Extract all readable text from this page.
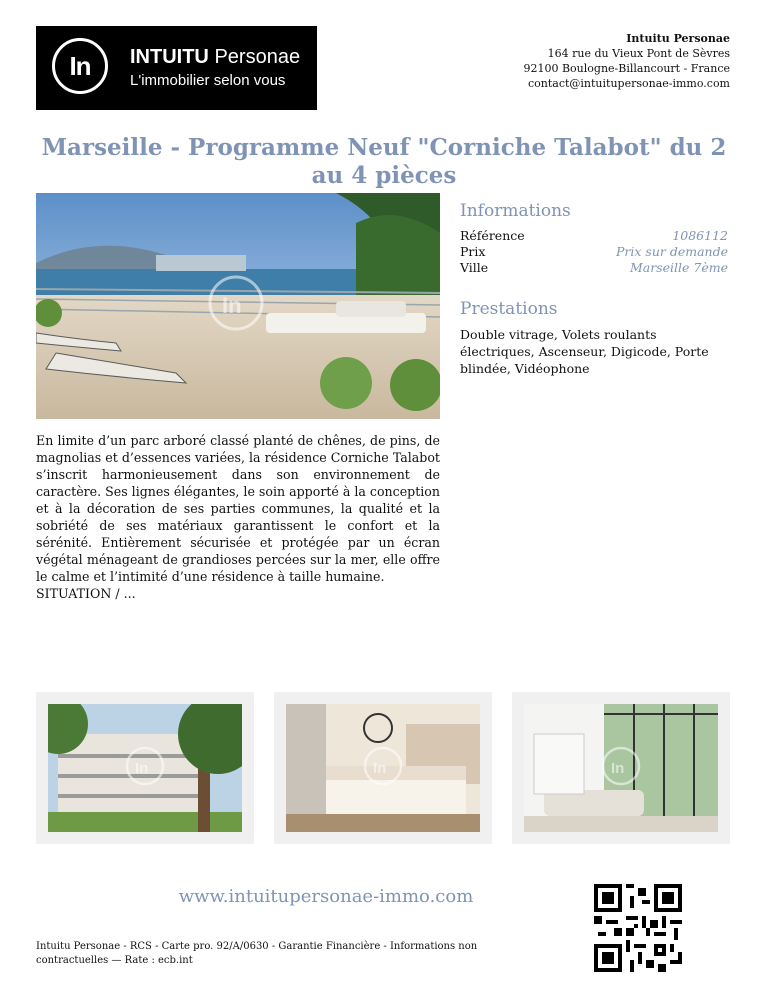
In	INTUITU Personae
L'immobilier selon vous
Intuitu Personae
164 rue du Vieux Pont de Sèvres
92100 Boulogne-Billancourt - France
contact@intuitupersonae-immo.com
Marseille - Programme Neuf "Corniche Talabot" du 2 au 4 pièces
In
Informations
Référence	1086112
Prix	Prix sur demande
Ville	Marseille 7ème
Prestations
Double vitrage, Volets roulants électriques, Ascenseur, Digicode, Porte blindée, Vidéophone
En limite d’un parc arboré classé planté de chênes, de pins, de magnolias et d’essences variées, la résidence Corniche Talabot s’inscrit harmonieusement dans son environnement de caractère. Ses lignes élégantes, le soin apporté à la conception et à la décoration de ses parties communes, la qualité et la sobriété de ses matériaux garantissent le confort et la sérénité. Entièrement sécurisée et protégée par un écran végétal ménageant de grandioses percées sur la mer, elle offre le calme et l’intimité d’une résidence à taille humaine.
SITUATION / ...
In	In	In
www.intuitupersonae-immo.com
Intuitu Personae - RCS - Carte pro. 92/A/0630 - Garantie Financière - Informations non contractuelles — Rate : ecb.int
